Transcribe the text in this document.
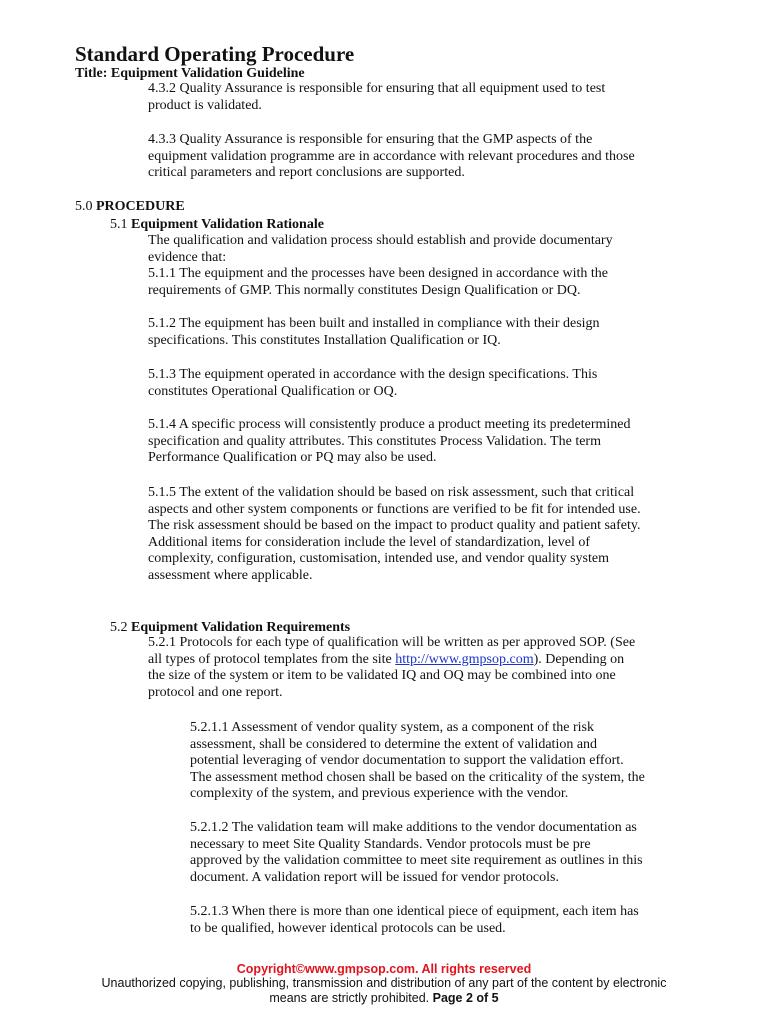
Standard Operating Procedure
Title: Equipment Validation Guideline
4.3.2 Quality Assurance is responsible for ensuring that all equipment used to test
product is validated.
4.3.3 Quality Assurance is responsible for ensuring that the GMP aspects of the
equipment validation programme are in accordance with relevant procedures and those
critical parameters and report conclusions are supported.
5.0 PROCEDURE
5.1 Equipment Validation Rationale
The qualification and validation process should establish and provide documentary
evidence that:
5.1.1 The equipment and the processes have been designed in accordance with the
requirements of GMP. This normally constitutes Design Qualification or DQ.
5.1.2 The equipment has been built and installed in compliance with their design
specifications. This constitutes Installation Qualification or IQ.
5.1.3 The equipment operated in accordance with the design specifications. This
constitutes Operational Qualification or OQ.
5.1.4 A specific process will consistently produce a product meeting its predetermined
specification and quality attributes. This constitutes Process Validation. The term
Performance Qualification or PQ may also be used.
5.1.5 The extent of the validation should be based on risk assessment, such that critical
aspects and other system components or functions are verified to be fit for intended use.
The risk assessment should be based on the impact to product quality and patient safety.
Additional items for consideration include the level of standardization, level of
complexity, configuration, customisation, intended use, and vendor quality system
assessment where applicable.
5.2 Equipment Validation Requirements
5.2.1 Protocols for each type of qualification will be written as per approved SOP. (See
all types of protocol templates from the site http://www.gmpsop.com). Depending on
the size of the system or item to be validated IQ and OQ may be combined into one
protocol and one report.
5.2.1.1 Assessment of vendor quality system, as a component of the risk
assessment, shall be considered to determine the extent of validation and
potential leveraging of vendor documentation to support the validation effort.
The assessment method chosen shall be based on the criticality of the system, the
complexity of the system, and previous experience with the vendor.
5.2.1.2 The validation team will make additions to the vendor documentation as
necessary to meet Site Quality Standards. Vendor protocols must be pre
approved by the validation committee to meet site requirement as outlines in this
document. A validation report will be issued for vendor protocols.
5.2.1.3 When there is more than one identical piece of equipment, each item has
to be qualified, however identical protocols can be used.
Copyright©www.gmpsop.com. All rights reserved
Unauthorized copying, publishing, transmission and distribution of any part of the content by electronic
means are strictly prohibited. Page 2 of 5
